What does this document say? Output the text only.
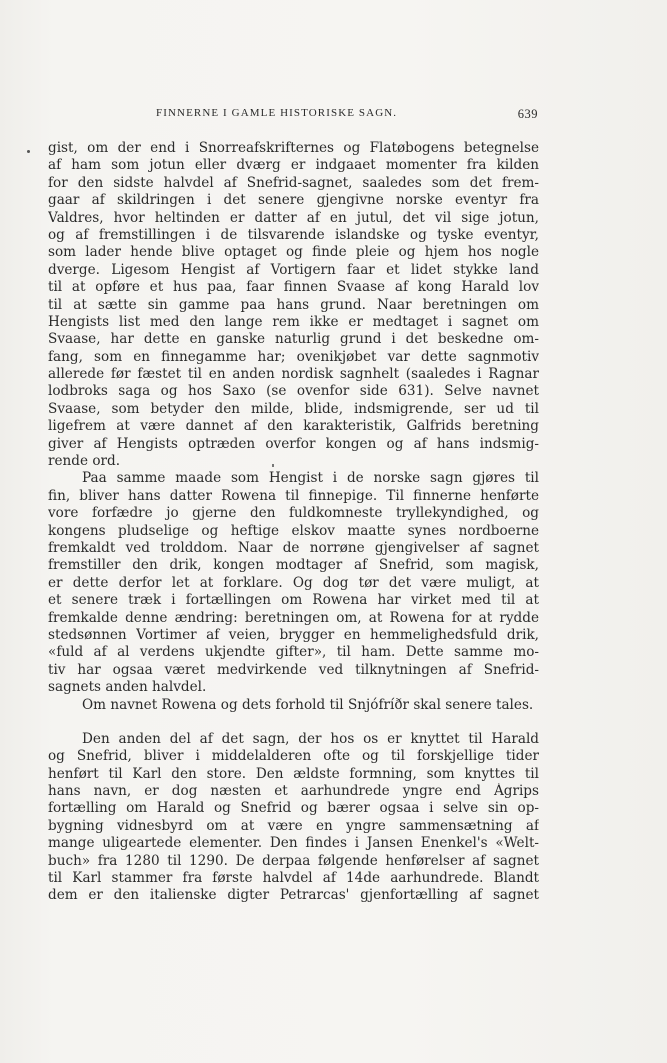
FINNERNE I GAMLE HISTORISKE SAGN.	639
gist, om der end i Snorreafskrifternes og Flatøbogens betegnelse
af ham som jotun eller dværg er indgaaet momenter fra kilden
for den sidste halvdel af Snefrid-sagnet, saaledes som det frem-
gaar af skildringen i det senere gjengivne norske eventyr fra
Valdres, hvor heltinden er datter af en jutul, det vil sige jotun,
og af fremstillingen i de tilsvarende islandske og tyske eventyr,
som lader hende blive optaget og finde pleie og hjem hos nogle
dverge. Ligesom Hengist af Vortigern faar et lidet stykke land
til at opføre et hus paa, faar finnen Svaase af kong Harald lov
til at sætte sin gamme paa hans grund. Naar beretningen om
Hengists list med den lange rem ikke er medtaget i sagnet om
Svaase, har dette en ganske naturlig grund i det beskedne om-
fang, som en finnegamme har; ovenikjøbet var dette sagnmotiv
allerede før fæstet til en anden nordisk sagnhelt (saaledes i Ragnar
lodbroks saga og hos Saxo (se ovenfor side 631). Selve navnet
Svaase, som betyder den milde, blide, indsmigrende, ser ud til
ligefrem at være dannet af den karakteristik, Galfrids beretning
giver af Hengists optræden overfor kongen og af hans indsmig-
rende ord.
Paa samme maade som Hengist i de norske sagn gjøres til
fin, bliver hans datter Rowena til finnepige. Til finnerne henførte
vore forfædre jo gjerne den fuldkomneste tryllekyndighed, og
kongens pludselige og heftige elskov maatte synes nordboerne
fremkaldt ved trolddom. Naar de norrøne gjengivelser af sagnet
fremstiller den drik, kongen modtager af Snefrid, som magisk,
er dette derfor let at forklare. Og dog tør det være muligt, at
et senere træk i fortællingen om Rowena har virket med til at
fremkalde denne ændring: beretningen om, at Rowena for at rydde
stedsønnen Vortimer af veien, brygger en hemmelighedsfuld drik,
«fuld af al verdens ukjendte gifter», til ham. Dette samme mo-
tiv har ogsaa været medvirkende ved tilknytningen af Snefrid-
sagnets anden halvdel.
Om navnet Rowena og dets forhold til Snjófríðr skal senere tales.
Den anden del af det sagn, der hos os er knyttet til Harald
og Snefrid, bliver i middelalderen ofte og til forskjellige tider
henført til Karl den store. Den ældste formning, som knyttes til
hans navn, er dog næsten et aarhundrede yngre end Ágrips
fortælling om Harald og Snefrid og bærer ogsaa i selve sin op-
bygning vidnesbyrd om at være en yngre sammensætning af
mange uligeartede elementer. Den findes i Jansen Enenkel's «Welt-
buch» fra 1280 til 1290. De derpaa følgende henførelser af sagnet
til Karl stammer fra første halvdel af 14de aarhundrede. Blandt
dem er den italienske digter Petrarcas' gjenfortælling af sagnet
